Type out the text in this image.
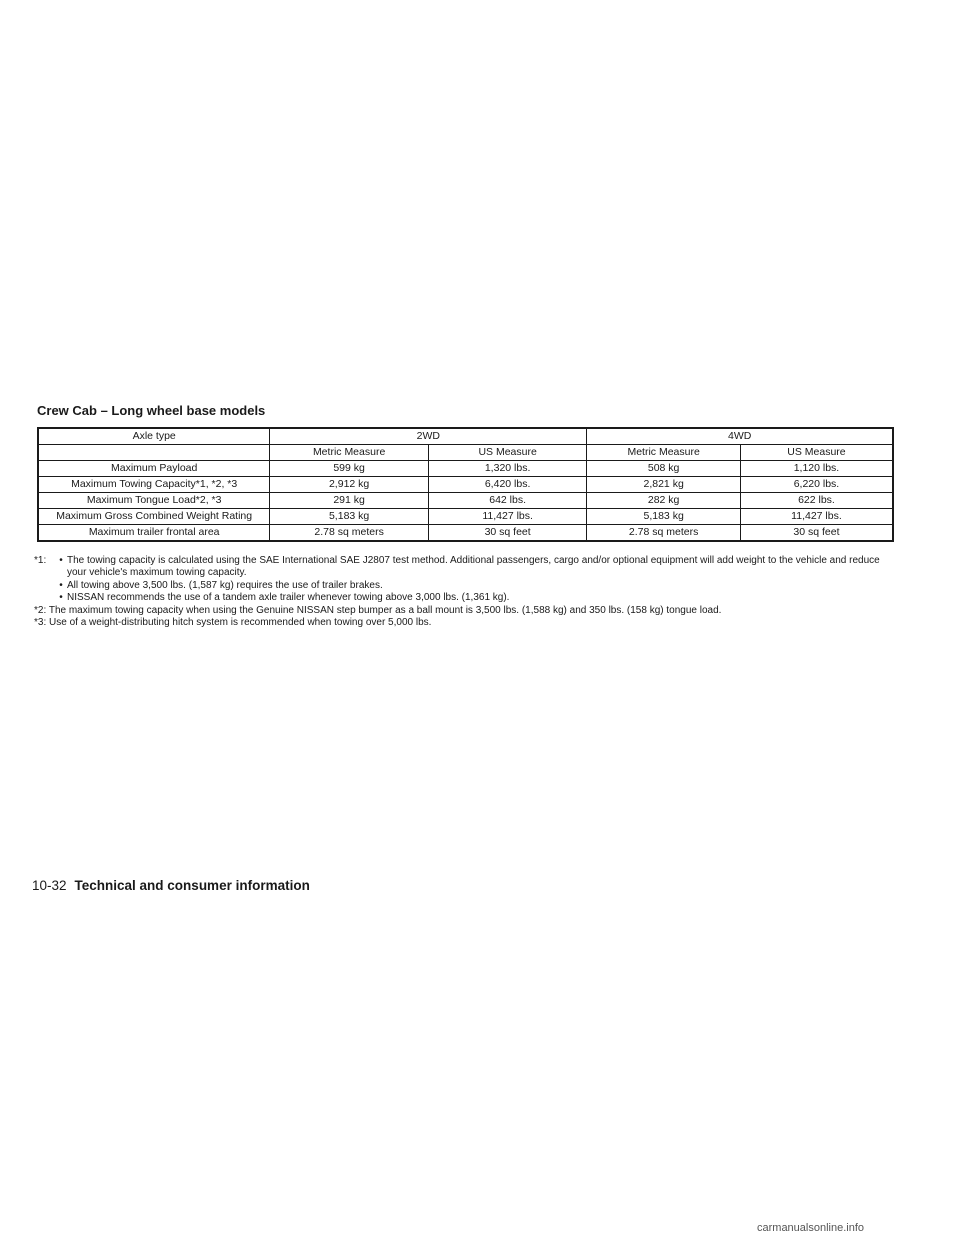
Crew Cab – Long wheel base models
Axle type	2WD		4WD	
	Metric Measure	US Measure	Metric Measure	US Measure
Maximum Payload	599 kg	1,320 lbs.	508 kg	1,120 lbs.
Maximum Towing Capacity*1, *2, *3	2,912 kg	6,420 lbs.	2,821 kg	6,220 lbs.
Maximum Tongue Load*2, *3	291 kg	642 lbs.	282 kg	622 lbs.
Maximum Gross Combined Weight Rating	5,183 kg	11,427 lbs.	5,183 kg	11,427 lbs.
Maximum trailer frontal area	2.78 sq meters	30 sq feet	2.78 sq meters	30 sq feet
*1:	• The towing capacity is calculated using the SAE International SAE J2807 test method. Additional passengers, cargo and/or optional equipment will add weight to the vehicle and reduce your vehicle's maximum towing capacity.
• All towing above 3,500 lbs. (1,587 kg) requires the use of trailer brakes.
• NISSAN recommends the use of a tandem axle trailer whenever towing above 3,000 lbs. (1,361 kg).
*2: The maximum towing capacity when using the Genuine NISSAN step bumper as a ball mount is 3,500 lbs. (1,588 kg) and 350 lbs. (158 kg) tongue load.
*3: Use of a weight-distributing hitch system is recommended when towing over 5,000 lbs.
10-32 Technical and consumer information
carmanualsonline.info
